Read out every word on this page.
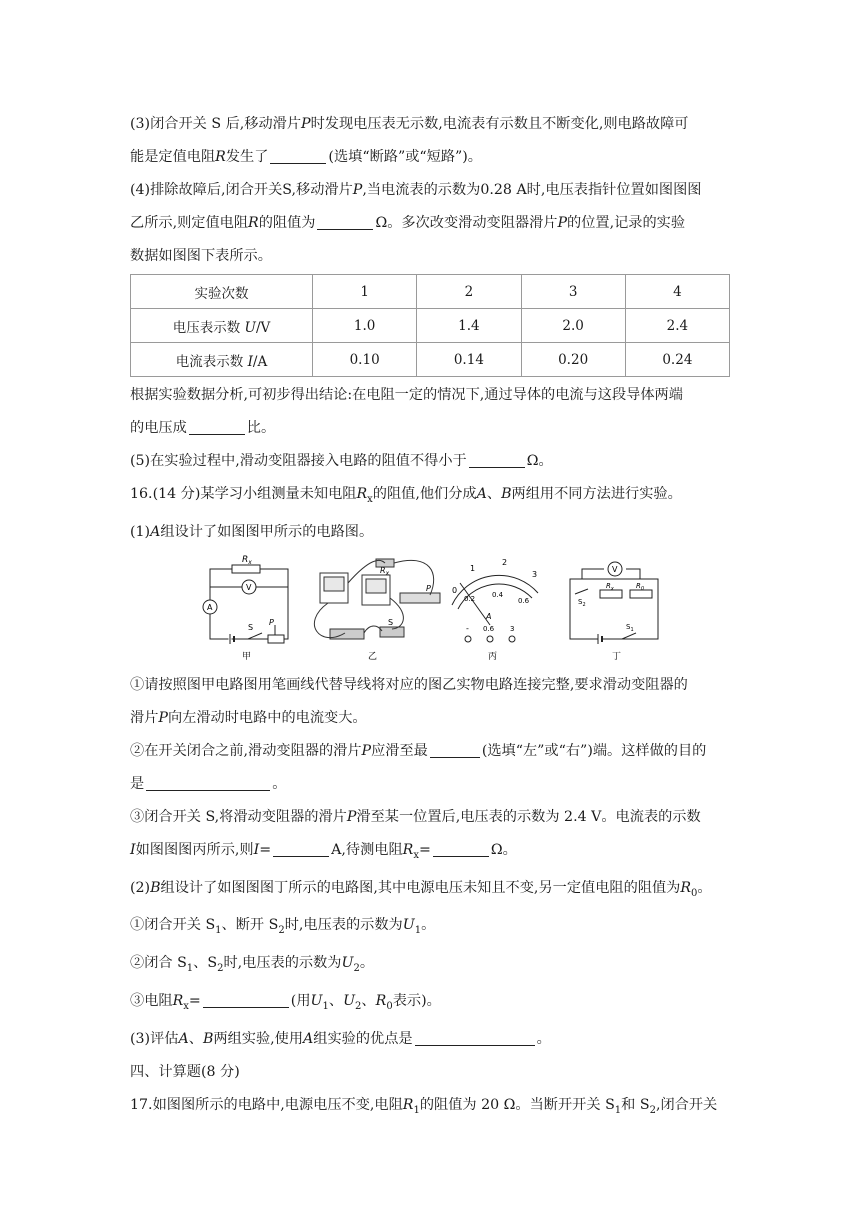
(3)闭合开关 S 后,移动滑片P时发现电压表无示数,电流表有示数且不断变化,则电路故障可

能是定值电阻R发生了	(选填“断路”或“短路”)。

(4)排除故障后,闭合开关S,移动滑片P,当电流表的示数为0.28 A时,电压表指针位置如图图图

乙所示,则定值电阻R的阻值为	Ω。多次改变滑动变阻器滑片P的位置,记录的实验

数据如图图下表所示。

实验次数	1	2	3	4
电压表示数 U/V	1.0	1.4	2.0	2.4
电流表示数 I/A	0.10	0.14	0.20	0.24

根据实验数据分析,可初步得出结论:在电阻一定的情况下,通过导体的电流与这段导体两端

的电压成	比。

(5)在实验过程中,滑动变阻器接入电路的阻值不得小于	Ω。

16.(14 分)某学习小组测量未知电阻$R_x$的阻值,他们分成A、B两组用不同方法进行实验。

(1)A组设计了如图图甲所示的电路图。

$R_x$
V
A
S
P
甲
$R_x$
P
S
乙
0
1
2
3
0.2 0.4
0.6
A
- 0.6 3
丙
V
$S_2$
$R_x$	$R_0$
$S_1$
丁

①请按照图甲电路图用笔画线代替导线将对应的图乙实物电路连接完整,要求滑动变阻器的

滑片P向左滑动时电路中的电流变大。

②在开关闭合之前,滑动变阻器的滑片P应滑至最	(选填“左”或“右”)端。这样做的目的

是	。

③闭合开关 S,将滑动变阻器的滑片P滑至某一位置后,电压表的示数为 2.4 V。电流表的示数

I如图图图丙所示,则I=	A,待测电阻$R_x=$	Ω。

(2)B组设计了如图图图丁所示的电路图,其中电源电压未知且不变,另一定值电阻的阻值为$R_0$。

①闭合开关 $S_1$、断开 $S_2$时,电压表的示数为$U_1$。

②闭合 $S_1$、$S_2$时,电压表的示数为$U_2$。

③电阻$R_x=$	(用$U_1$、$U_2$、$R_0$表示)。

(3)评估A、B两组实验,使用A组实验的优点是	。

四、计算题(8 分)

17.如图图所示的电路中,电源电压不变,电阻$R_1$的阻值为 20 Ω。当断开开关 $S_1$和 $S_2$,闭合开关
